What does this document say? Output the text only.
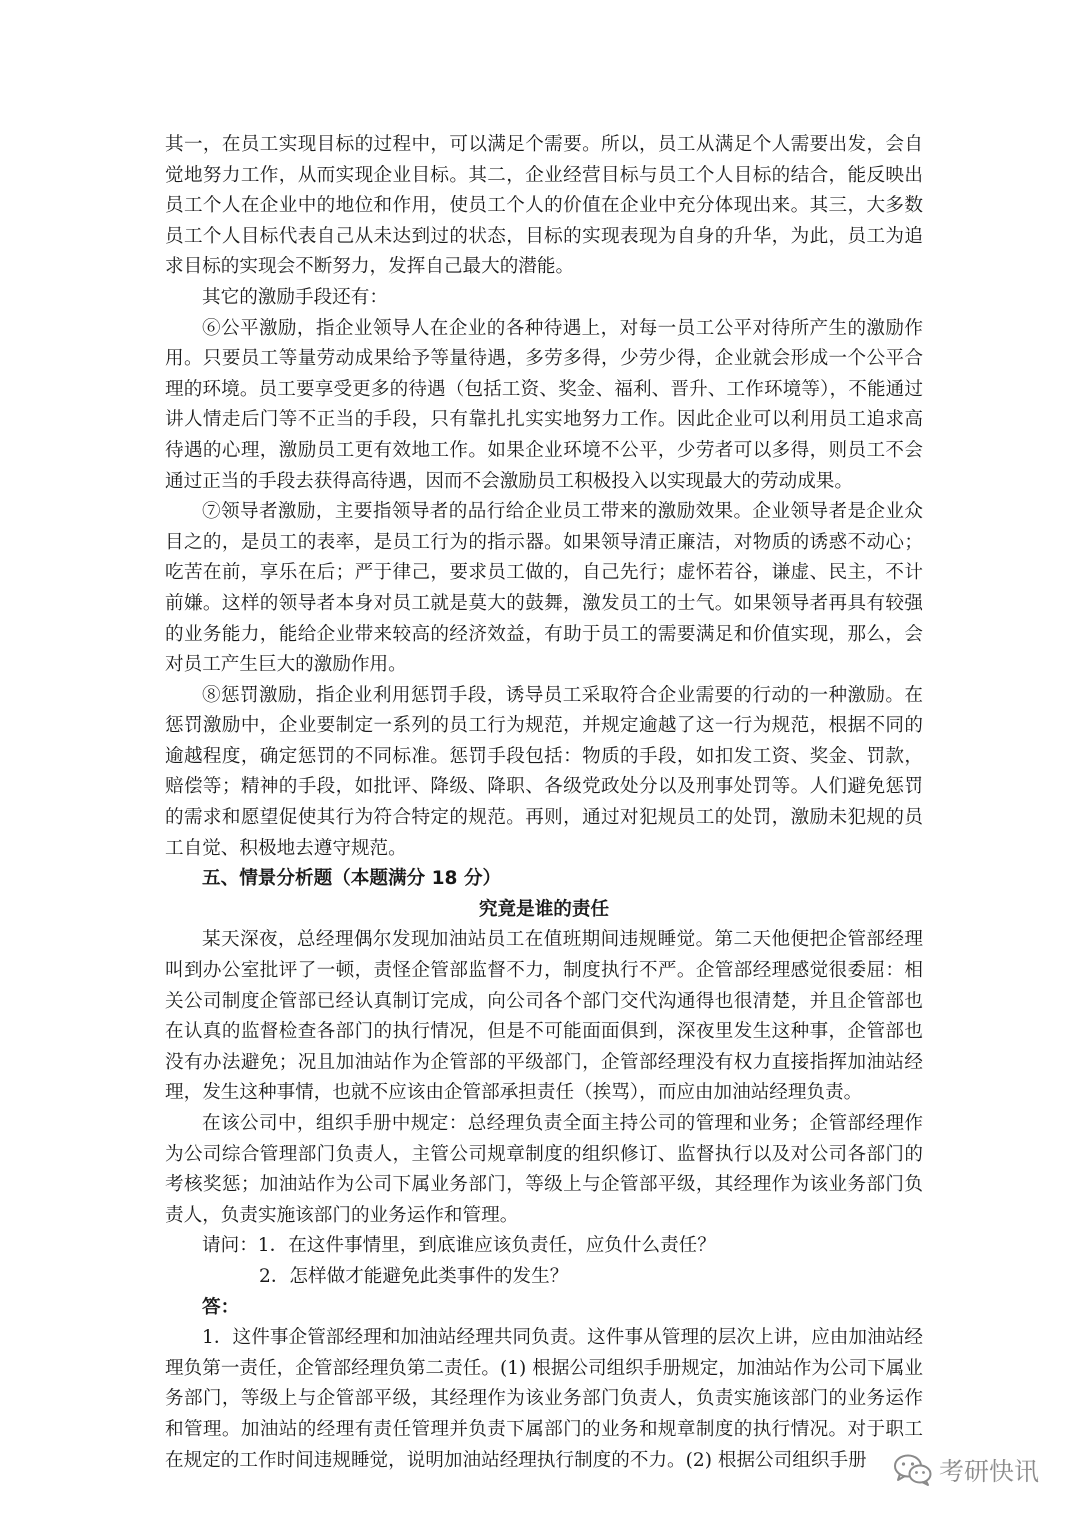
其一，在员工实现目标的过程中，可以满足个需要。所以，员工从满足个人需要出发，会自觉地努力工作，从而实现企业目标。其二，企业经营目标与员工个人目标的结合，能反映出员工个人在企业中的地位和作用，使员工个人的价值在企业中充分体现出来。其三，大多数员工个人目标代表自己从未达到过的状态，目标的实现表现为自身的升华，为此，员工为追求目标的实现会不断努力，发挥自己最大的潜能。

其它的激励手段还有：

⑥公平激励，指企业领导人在企业的各种待遇上，对每一员工公平对待所产生的激励作用。只要员工等量劳动成果给予等量待遇，多劳多得，少劳少得，企业就会形成一个公平合理的环境。员工要享受更多的待遇（包括工资、奖金、福利、晋升、工作环境等），不能通过讲人情走后门等不正当的手段，只有靠扎扎实实地努力工作。因此企业可以利用员工追求高待遇的心理，激励员工更有效地工作。如果企业环境不公平，少劳者可以多得，则员工不会通过正当的手段去获得高待遇，因而不会激励员工积极投入以实现最大的劳动成果。

⑦领导者激励，主要指领导者的品行给企业员工带来的激励效果。企业领导者是企业众目之的，是员工的表率，是员工行为的指示器。如果领导清正廉洁，对物质的诱惑不动心；吃苦在前，享乐在后；严于律己，要求员工做的，自己先行；虚怀若谷，谦虚、民主，不计前嫌。这样的领导者本身对员工就是莫大的鼓舞，激发员工的士气。如果领导者再具有较强的业务能力，能给企业带来较高的经济效益，有助于员工的需要满足和价值实现，那么，会对员工产生巨大的激励作用。

⑧惩罚激励，指企业利用惩罚手段，诱导员工采取符合企业需要的行动的一种激励。在惩罚激励中，企业要制定一系列的员工行为规范，并规定逾越了这一行为规范，根据不同的逾越程度，确定惩罚的不同标准。惩罚手段包括：物质的手段，如扣发工资、奖金、罚款，赔偿等；精神的手段，如批评、降级、降职、各级党政处分以及刑事处罚等。人们避免惩罚的需求和愿望促使其行为符合特定的规范。再则，通过对犯规员工的处罚，激励未犯规的员工自觉、积极地去遵守规范。

五、情景分析题（本题满分 18 分）

究竟是谁的责任

某天深夜，总经理偶尔发现加油站员工在值班期间违规睡觉。第二天他便把企管部经理叫到办公室批评了一顿，责怪企管部监督不力，制度执行不严。企管部经理感觉很委屈：相关公司制度企管部已经认真制订完成，向公司各个部门交代沟通得也很清楚，并且企管部也在认真的监督检查各部门的执行情况，但是不可能面面俱到，深夜里发生这种事，企管部也没有办法避免；况且加油站作为企管部的平级部门，企管部经理没有权力直接指挥加油站经理，发生这种事情，也就不应该由企管部承担责任（挨骂），而应由加油站经理负责。

在该公司中，组织手册中规定：总经理负责全面主持公司的管理和业务；企管部经理作为公司综合管理部门负责人，主管公司规章制度的组织修订、监督执行以及对公司各部门的考核奖惩；加油站作为公司下属业务部门，等级上与企管部平级，其经理作为该业务部门负责人，负责实施该部门的业务运作和管理。

请问：1．在这件事情里，到底谁应该负责任，应负什么责任？

2．怎样做才能避免此类事件的发生？

答：

1．这件事企管部经理和加油站经理共同负责。这件事从管理的层次上讲，应由加油站经理负第一责任，企管部经理负第二责任。(1) 根据公司组织手册规定，加油站作为公司下属业务部门，等级上与企管部平级，其经理作为该业务部门负责人，负责实施该部门的业务运作和管理。加油站的经理有责任管理并负责下属部门的业务和规章制度的执行情况。对于职工在规定的工作时间违规睡觉，说明加油站经理执行制度的不力。(2) 根据公司组织手册	考研快讯
